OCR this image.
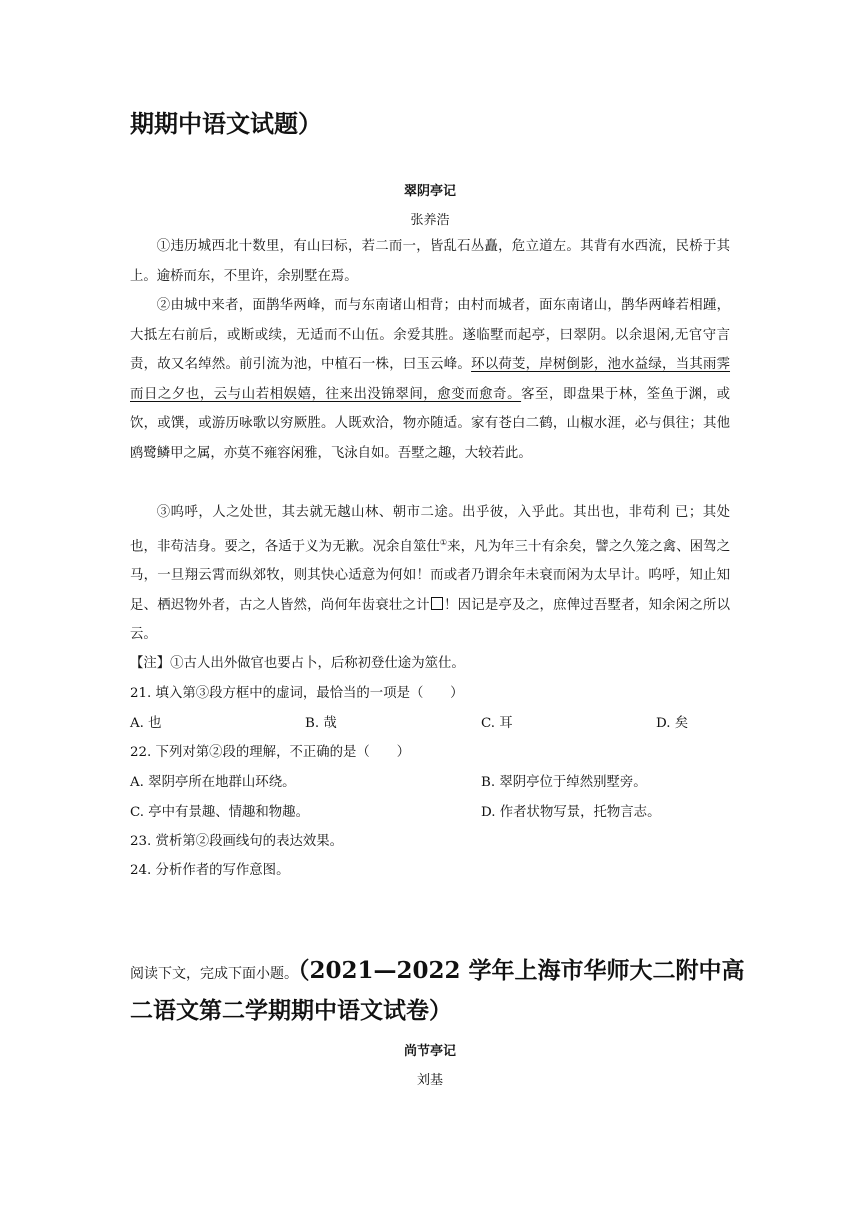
期期中语文试题）
翠阴亭记
张养浩

①违历城西北十数里，有山曰标，若二而一，皆乱石丛矗，危立道左。其背有水西流，民桥于其上。逾桥而东，不里许，余别墅在焉。

②由城中来者，面鹊华两峰，而与东南诸山相背；由村而城者，面东南诸山，鹊华两峰若相踵，大抵左右前后，或断或续，无适而不山伍。余爱其胜。遂临墅而起亭，曰翠阴。以余退闲,无官守言责，故又名绰然。前引流为池，中植石一株，曰玉云峰。环以荷芰，岸树倒影，池水益绿，当其雨霁而日之夕也，云与山若相娱嬉，往来出没锦翠间，愈变而愈奇。客至，即盘果于林，筌鱼于渊，或饮，或馔，或游历咏歌以穷厥胜。人既欢洽，物亦随适。家有苍白二鹤，山椒水涯，必与俱往；其他鸥鹭鳞甲之属，亦莫不雍容闲雅，飞泳自如。吾墅之趣，大较若此。

③呜呼，人之处世，其去就无越山林、朝市二途。出乎彼，入乎此。其出也，非苟利 已；其处也，非苟洁身。要之，各适于义为无歉。况余自筮仕①来，凡为年三十有余矣，譬之久笼之禽、困驾之马，一旦翔云霄而纵郊牧，则其快心适意为何如！而或者乃谓余年未衰而闲为太早计。呜呼，知止知足、栖迟物外者，古之人皆然，尚何年齿衰壮之计 ！因记是亭及之，庶俾过吾墅者，知余闲之所以云。

【注】①古人出外做官也要占卜，后称初登仕途为筮仕。
21. 填入第③段方框中的虚词，最恰当的一项是（　　）
A. 也	B. 哉	C. 耳	D. 矣
22. 下列对第②段的理解，不正确的是（　　）
A. 翠阴亭所在地群山环绕。	B. 翠阴亭位于绰然别墅旁。
C. 亭中有景趣、情趣和物趣。	D. 作者状物写景，托物言志。
23. 赏析第②段画线句的表达效果。
24. 分析作者的写作意图。
阅读下文，完成下面小题。（2021—2022 学年上海市华师大二附中高
二语文第二学期期中语文试卷）
尚节亭记
刘基
